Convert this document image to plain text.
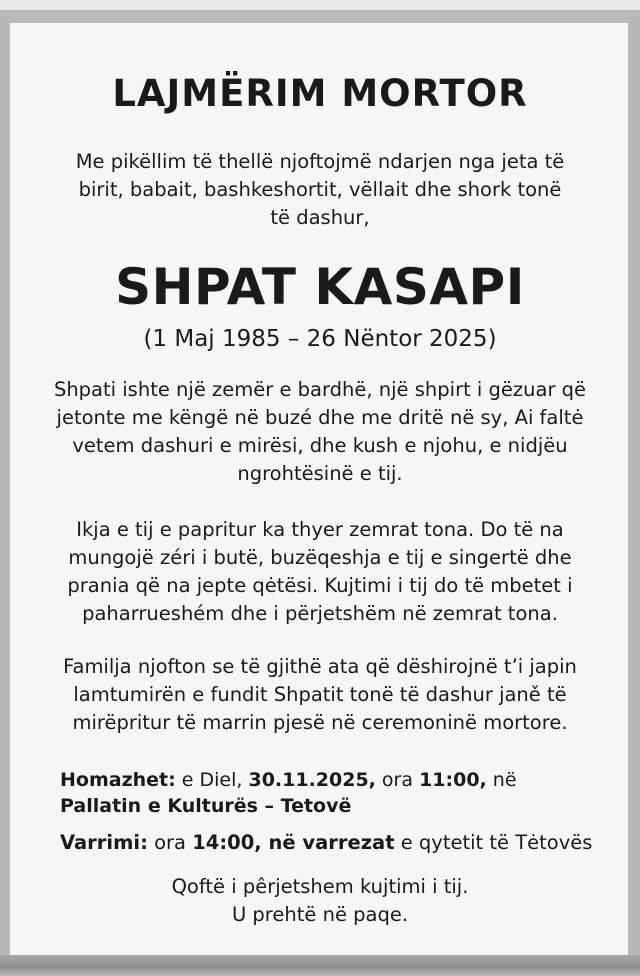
LAJMËRIM MORTOR
Me pikëllim të thellë njoftojmë ndarjen nga jeta të
birit, babait, bashkeshortit, vëllait dhe shork tonë
të dashur,
SHPAT KASAPI
(1 Maj 1985 – 26 Nëntor 2025)
Shpati ishte një zemër e bardhë, një shpirt i gëzuar që
jetonte me këngë në buzé dhe me dritë në sy, Ai faltė
vetem dashuri e mirësi, dhe kush e njohu, e nidjëu
ngrohtësinë e tij.
Ikja e tij e papritur ka thyer zemrat tona. Do të na
mungojë zéri i butë, buzëqeshja e tij e singertë dhe
prania që na jepte qėtësi. Kujtimi i tij do të mbetet i
paharrueshém dhe i përjetshëm në zemrat tona.
Familja njofton se të gjithë ata që dëshirojnë t’i japin
lamtumirën e fundit Shpatit tonë të dashur janě të
mirëpritur të marrin pjesë në ceremoninë mortore.
Homazhet: e Diel, 30.11.2025, ora 11:00, në
Pallatin e Kulturës – Tetovë
Varrimi: ora 14:00, në varrezat e qytetit të Tėtovës
Qoftë i pêrjetshem kujtimi i tij.
U prehtë në paqe.
